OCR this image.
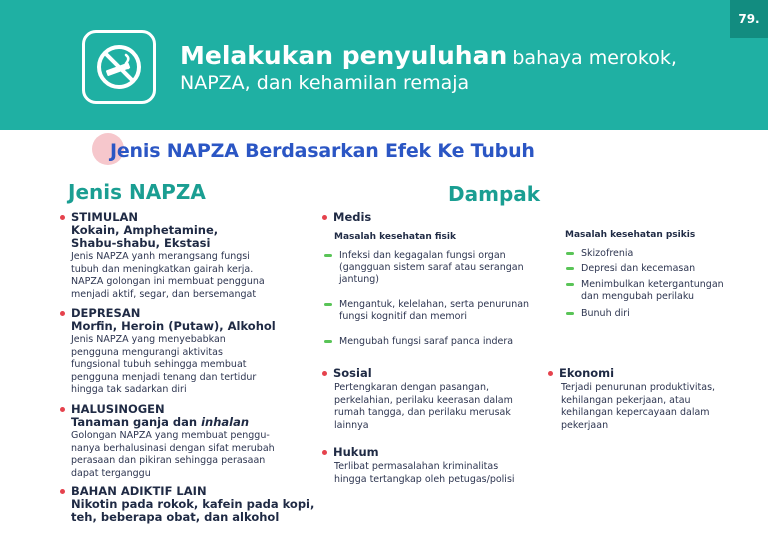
79.
Melakukan penyuluhan bahaya merokok,
NAPZA, dan kehamilan remaja
Jenis NAPZA Berdasarkan Efek Ke Tubuh
Jenis NAPZA	Dampak
STIMULAN
Kokain, Amphetamine,
Shabu-shabu, Ekstasi
Jenis NAPZA yanh merangsang fungsi
tubuh dan meningkatkan gairah kerja.
NAPZA golongan ini membuat pengguna
menjadi aktif, segar, dan bersemangat
DEPRESAN
Morfin, Heroin (Putaw), Alkohol
Jenis NAPZA yang menyebabkan
pengguna mengurangi aktivitas
fungsional tubuh sehingga membuat
pengguna menjadi tenang dan tertidur
hingga tak sadarkan diri
HALUSINOGEN
Tanaman ganja dan inhalan
Golongan NAPZA yang membuat penggu-
nanya berhalusinasi dengan sifat merubah
perasaan dan pikiran sehingga perasaan
dapat terganggu
BAHAN ADIKTIF LAIN
Nikotin pada rokok, kafein pada kopi,
teh, beberapa obat, dan alkohol
Medis
Masalah kesehatan fisik	Masalah kesehatan psikis
Infeksi dan kegagalan fungsi organ
(gangguan sistem saraf atau serangan
jantung)
Mengantuk, kelelahan, serta penurunan
fungsi kognitif dan memori
Mengubah fungsi saraf panca indera
Skizofrenia
Depresi dan kecemasan
Menimbulkan ketergantungan
dan mengubah perilaku
Bunuh diri
Sosial
Pertengkaran dengan pasangan,
perkelahian, perilaku keerasan dalam
rumah tangga, dan perilaku merusak
lainnya
Ekonomi
Terjadi penurunan produktivitas,
kehilangan pekerjaan, atau
kehilangan kepercayaan dalam
pekerjaan
Hukum
Terlibat permasalahan kriminalitas
hingga tertangkap oleh petugas/polisi
